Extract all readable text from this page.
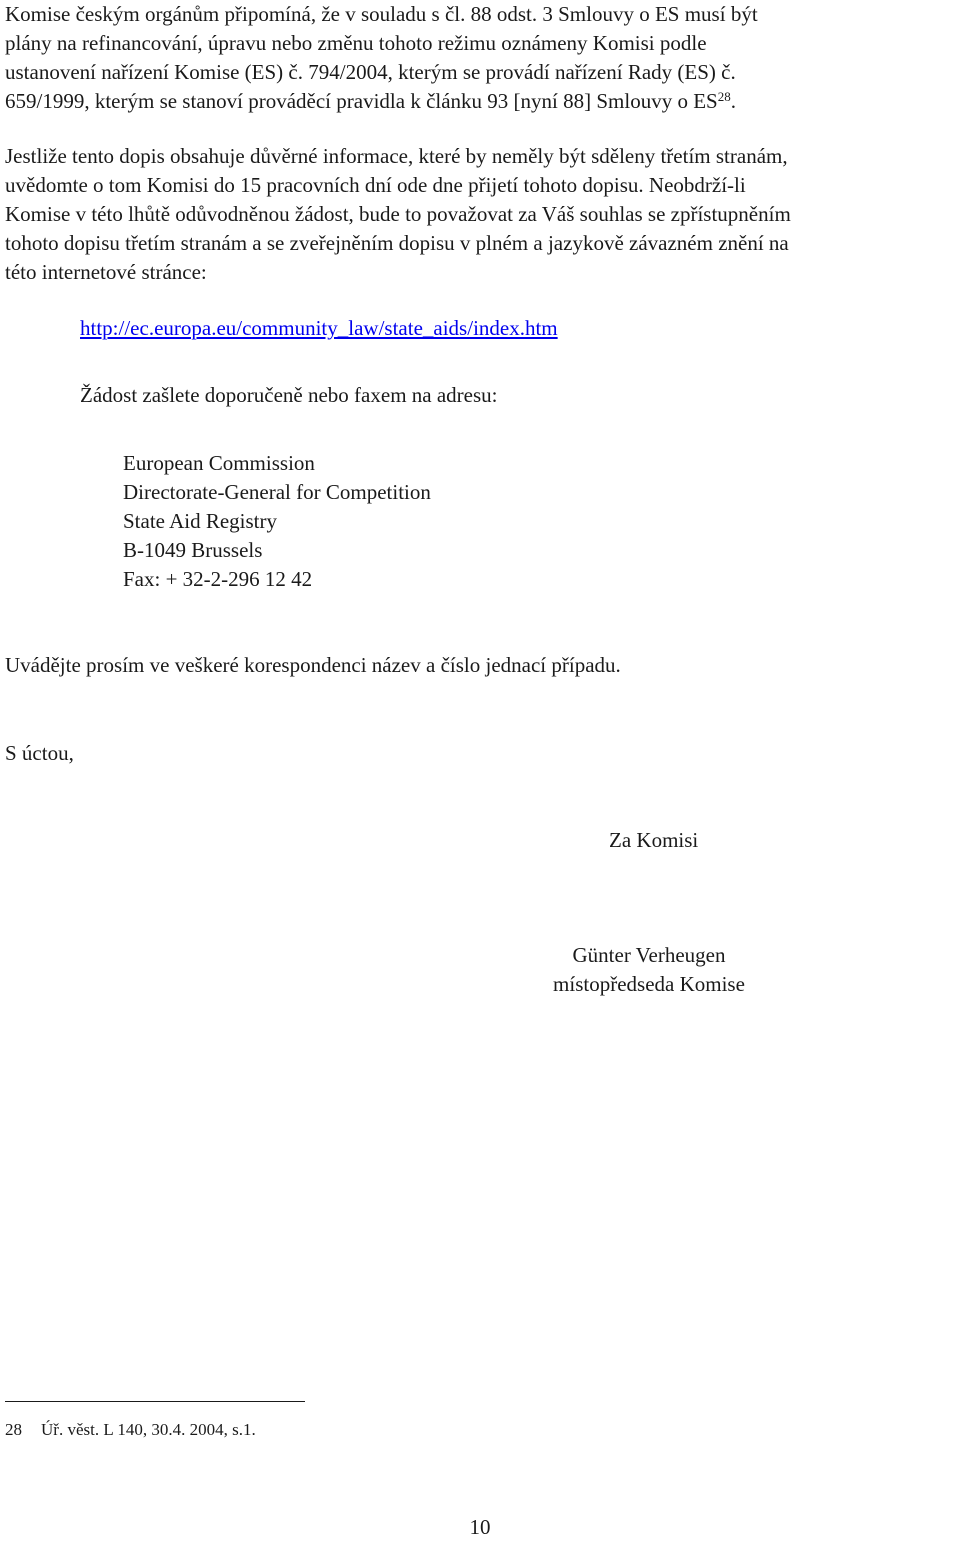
Komise českým orgánům připomíná, že v souladu s čl. 88 odst. 3 Smlouvy o ES musí být
plány na refinancování, úpravu nebo změnu tohoto režimu oznámeny Komisi podle
ustanovení nařízení Komise (ES) č. 794/2004, kterým se provádí nařízení Rady (ES) č.
659/1999, kterým se stanoví prováděcí pravidla k článku 93 [nyní 88] Smlouvy o ES$^{28}$.
Jestliže tento dopis obsahuje důvěrné informace, které by neměly být sděleny třetím stranám,
uvědomte o tom Komisi do 15 pracovních dní ode dne přijetí tohoto dopisu. Neobdrží-li
Komise v této lhůtě odůvodněnou žádost, bude to považovat za Váš souhlas se zpřístupněním
tohoto dopisu třetím stranám a se zveřejněním dopisu v plném a jazykově závazném znění na
této internetové stránce:
http://ec.europa.eu/community_law/state_aids/index.htm

Žádost zašlete doporučeně nebo faxem na adresu:

European Commission
Directorate-General for Competition
State Aid Registry
B-1049 Brussels
Fax: + 32-2-296 12 42

Uvádějte prosím ve veškeré korespondenci název a číslo jednací případu.

S úctou,

Za Komisi

Günter Verheugen
místopředseda Komise
28 Úř. věst. L 140, 30.4. 2004, s.1.
10
